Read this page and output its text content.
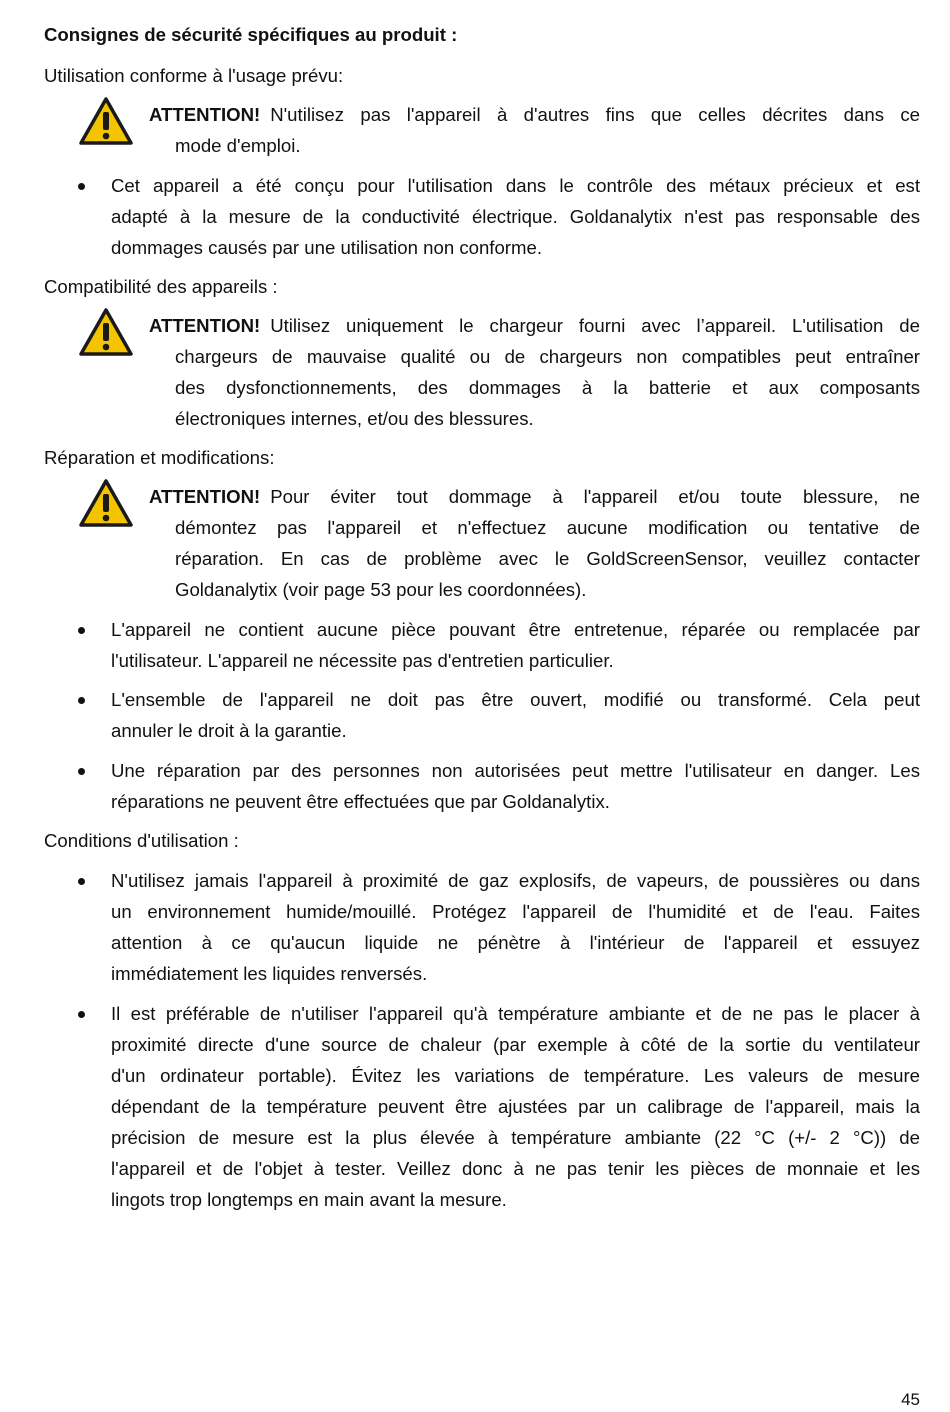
Consignes de sécurité spécifiques au produit :
Utilisation conforme à l'usage prévu:
ATTENTION! N'utilisez pas l'appareil à d'autres fins que celles décrites dans ce
mode d'emploi.
Cet appareil a été conçu pour l'utilisation dans le contrôle des métaux précieux et est
adapté à la mesure de la conductivité électrique. Goldanalytix n'est pas responsable des
dommages causés par une utilisation non conforme.
Compatibilité des appareils :
ATTENTION! Utilisez uniquement le chargeur fourni avec l’appareil. L'utilisation de
chargeurs de mauvaise qualité ou de chargeurs non compatibles peut entraîner
des dysfonctionnements, des dommages à la batterie et aux composants
électroniques internes, et/ou des blessures.
Réparation et modifications:
ATTENTION! Pour éviter tout dommage à l'appareil et/ou toute blessure, ne
démontez pas l'appareil et n'effectuez aucune modification ou tentative de
réparation. En cas de problème avec le GoldScreenSensor, veuillez contacter
Goldanalytix (voir page 53 pour les coordonnées).
L'appareil ne contient aucune pièce pouvant être entretenue, réparée ou remplacée par
l'utilisateur. L'appareil ne nécessite pas d'entretien particulier.
L'ensemble de l'appareil ne doit pas être ouvert, modifié ou transformé. Cela peut
annuler le droit à la garantie.
Une réparation par des personnes non autorisées peut mettre l'utilisateur en danger. Les
réparations ne peuvent être effectuées que par Goldanalytix.
Conditions d'utilisation :
N'utilisez jamais l'appareil à proximité de gaz explosifs, de vapeurs, de poussières ou dans
un environnement humide/mouillé. Protégez l'appareil de l'humidité et de l'eau. Faites
attention à ce qu'aucun liquide ne pénètre à l'intérieur de l'appareil et essuyez
immédiatement les liquides renversés.
Il est préférable de n'utiliser l'appareil qu'à température ambiante et de ne pas le placer à
proximité directe d'une source de chaleur (par exemple à côté de la sortie du ventilateur
d'un ordinateur portable). Évitez les variations de température. Les valeurs de mesure
dépendant de la température peuvent être ajustées par un calibrage de l'appareil, mais la
précision de mesure est la plus élevée à température ambiante (22 °C (+/- 2 °C)) de
l'appareil et de l'objet à tester. Veillez donc à ne pas tenir les pièces de monnaie et les
lingots trop longtemps en main avant la mesure.
45
